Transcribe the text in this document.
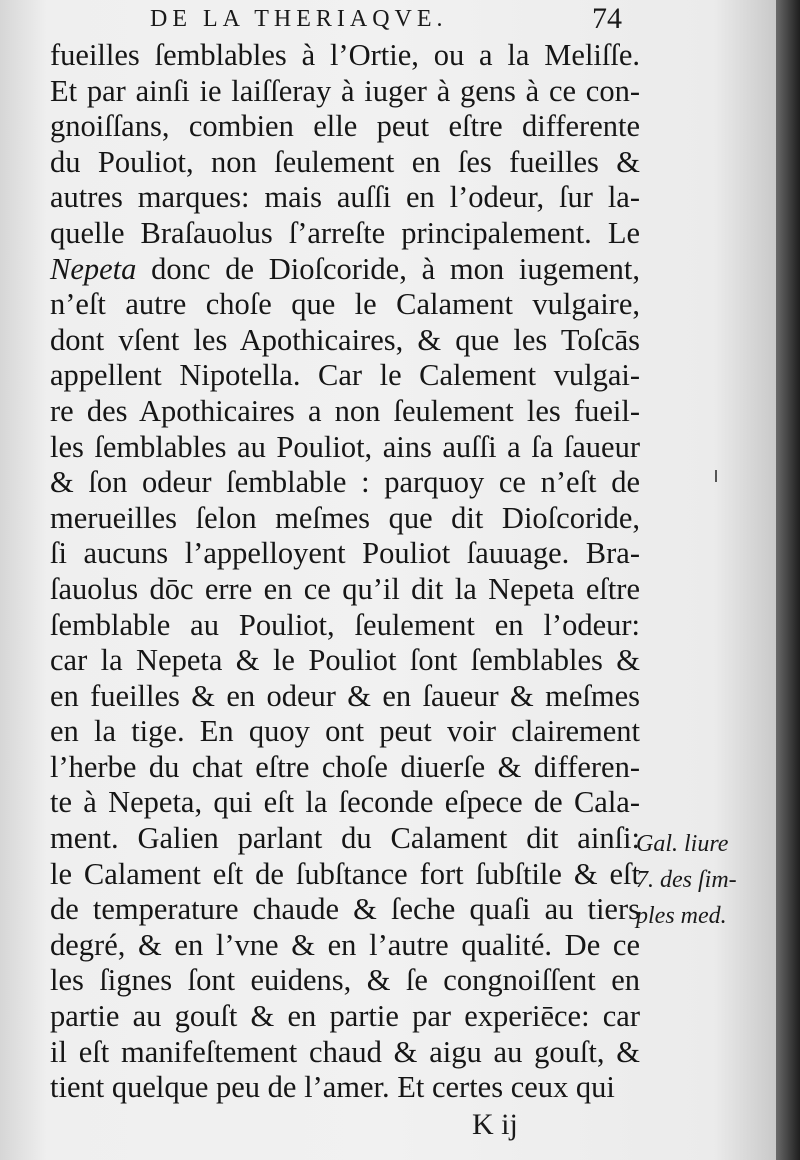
DE LA THERIAQVE.	74
fueilles ſemblables à l’Ortie, ou a la Meliſſe.
Et par ainſi ie laiſſeray à iuger à gens à ce con-
gnoiſſans, combien elle peut eſtre differente
du Pouliot, non ſeulement en ſes fueilles &
autres marques: mais auſſi en l’odeur, ſur la-
quelle Braſauolus ſ’arreſte principalement. Le
Nepeta donc de Dioſcoride, à mon iugement,
n’eſt autre choſe que le Calament vulgaire,
dont vſent les Apothicaires, & que les Toſcās
appellent Nipotella. Car le Calement vulgai-
re des Apothicaires a non ſeulement les fueil-
les ſemblables au Pouliot, ains auſſi a ſa ſaueur
& ſon odeur ſemblable : parquoy ce n’eſt de
merueilles ſelon meſmes que dit Dioſcoride,
ſi aucuns l’appelloyent Pouliot ſauuage. Bra-
ſauolus dōc erre en ce qu’il dit la Nepeta eſtre
ſemblable au Pouliot, ſeulement en l’odeur:
car la Nepeta & le Pouliot ſont ſemblables &
en fueilles & en odeur & en ſaueur & meſmes
en la tige. En quoy ont peut voir clairement
l’herbe du chat eſtre choſe diuerſe & differen-
te à Nepeta, qui eſt la ſeconde eſpece de Cala-
ment. Galien parlant du Calament dit ainſi:
le Calament eſt de ſubſtance fort ſubſtile & eſt
de temperature chaude & ſeche quaſi au tiers
degré, & en l’vne & en l’autre qualité. De ce
les ſignes ſont euidens, & ſe congnoiſſent en
partie au gouſt & en partie par experiēce: car
il eſt manifeſtement chaud & aigu au gouſt, &
tient quelque peu de l’amer. Et certes ceux qui
Gal. liure
7. des ſim-
ples med.
K ij
